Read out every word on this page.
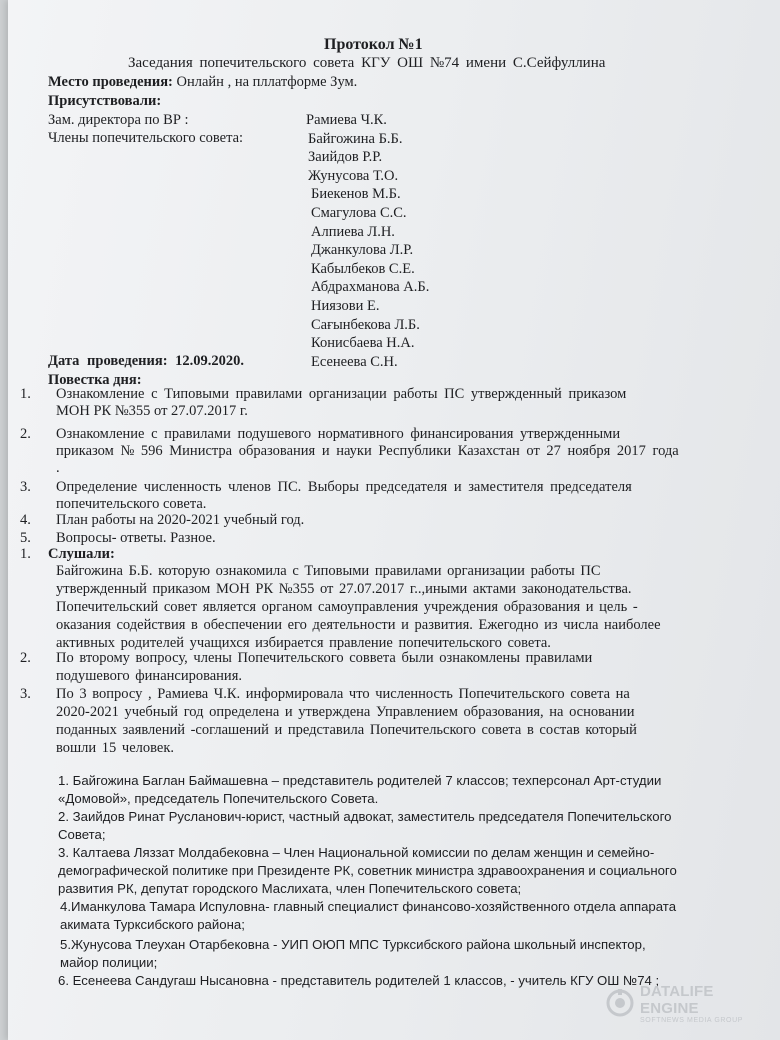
Протокол №1
Заседания попечительского совета КГУ ОШ №74 имени С.Сейфуллина
Место проведения: Онлайн , на пллатформе Зум.
Присутствовали:
Зам. директора по ВР :
Члены попечительского совета:
Рамиева Ч.К.
Байгожина Б.Б.
Заийдов Р.Р.
Жунусова Т.О.
Биекенов М.Б.
Смагулова С.С.
Алпиева Л.Н.
Джанкулова Л.Р.
Кабылбеков С.Е.
Абдрахманова А.Б.
Ниязови Е.
Сағынбекова Л.Б.
Конисбаева Н.А.
Есенеева С.Н.
Дата проведения: 12.09.2020.
Повестка дня:
1. Ознакомление с Типовыми правилами организации работы ПС утвержденный приказом
МОН РК №355 от 27.07.2017 г.
2. Ознакомление с правилами подушевого нормативного финансирования утвержденными
приказом № 596 Министра образования и науки Республики Казахстан от 27 ноября 2017 года
.
3. Определение численность членов ПС. Выборы председателя и заместителя председателя
попечительского совета.
4. План работы на 2020-2021 учебный год.
5. Вопросы- ответы. Разное.
1. Слушали:
Байгожина Б.Б. которую ознакомила с Типовыми правилами организации работы ПС
утвержденный приказом МОН РК №355 от 27.07.2017 г..,иными актами законодательства.
Попечительский совет является органом самоуправления учреждения образования и цель -
оказания содействия в обеспечении его деятельности и развития. Ежегодно из числа наиболее
активных родителей учащихся избирается правление попечительского совета.
2. По второму вопросу, члены Попечительского соввета были ознакомлены правилами
подушевого финансирования.
3. По 3 вопросу , Рамиева Ч.К. информировала что численность Попечительского совета на
2020-2021 учебный год определена и утверждена Управлением образования, на основании
поданных заявлений -соглашений и представила Попечительского совета в состав который
вошли 15 человек.
1. Байгожина Баглан Баймашевна – представитель родителей 7 классов; техперсонал Арт-студии
«Домовой», председатель Попечительского Совета.
2. Заийдов Ринат Русланович-юрист, частный адвокат, заместитель председателя Попечительского
Совета;
3. Калтаева Ляззат Молдабековна – Член Национальной комиссии по делам женщин и семейно-
демографической политике при Президенте РК, советник министра здравоохранения и социального
развития РК, депутат городского Маслихата, член Попечительского совета;
4.Иманкулова Тамара Испуловна- главный специалист финансово-хозяйственного отдела аппарата
акимата Турксибского района;
5.Жунусова Тлеухан Отарбековна - УИП ОЮП МПС Турксибского района школьный инспектор,
майор полиции;
6. Есенеева Сандугаш Нысановна - представитель родителей 1 классов, - учитель КГУ ОШ №74 ;
DATALIFE ENGINE
SOFTNEWS MEDIA GROUP
